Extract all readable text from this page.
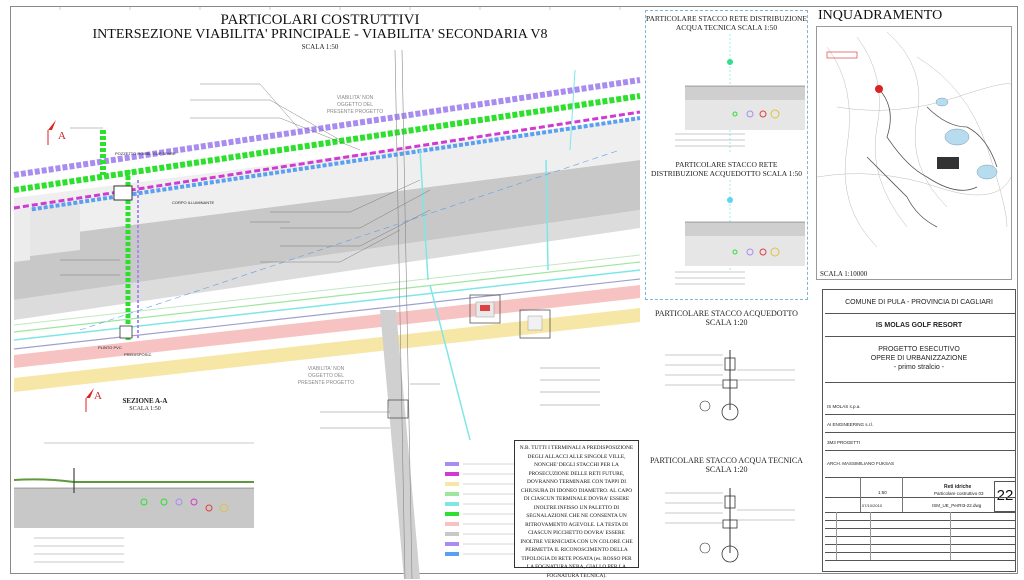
PARTICOLARI COSTRUTTIVI
INTERSEZIONE VIABILITA' PRINCIPALE - VIABILITA' SECONDARIA V8
SCALA 1:50
VIABILITA' NON
OGGETTO DEL
PRESENTE PROGETTO
VIABILITA' NON
OGGETTO DEL
PRESENTE PROGETTO
POZZETTO ROMBI, GUP SPARE
CORPO ILLUMINANTE
PLINTO PVC
PREDISPOSIZ.
A
A	SEZIONE A-A
SCALA 1:50
N.B. TUTTI I TERMINALI A PREDISPOSIZIONE DEGLI ALLACCI ALLE SINGOLE VILLE, NONCHE' DEGLI STACCHI PER LA PROSECUZIONE DELLE RETI FUTURE, DOVRANNO TERMINARE CON TAPPI DI CHIUSURA DI IDONEO DIAMETRO. AL CAPO DI CIASCUN TERMINALE DOVRA' ESSERE INOLTRE INFISSO UN PALETTO DI SEGNALAZIONE CHE NE CONSENTA UN RITROVAMENTO AGEVOLE. LA TESTA DI CIASCUN PICCHETTO DOVRA' ESSERE INOLTRE VERNICIATA CON UN COLORE CHE PERMETTA IL RICONOSCIMENTO DELLA TIPOLOGIA DI RETE POSATA (es. ROSSO PER LA FOGNATURA NERA, GIALLO PER LA FOGNATURA TECNICA).
PARTICOLARE STACCO RETE DISTRIBUZIONE
ACQUA TECNICA SCALA 1:50
PARTICOLARE STACCO RETE
DISTRIBUZIONE ACQUEDOTTO SCALA 1:50
PARTICOLARE STACCO ACQUEDOTTO
SCALA 1:20
PARTICOLARE STACCO ACQUA TECNICA
SCALA 1:20
INQUADRAMENTO
SCALA 1:10000
COMUNE DI PULA - PROVINCIA DI CAGLIARI
IS MOLAS GOLF RESORT
PROGETTO ESECUTIVO
OPERE DI URBANIZZAZIONE
- primo stralcio -
IS MOLAS s.p.a.
AI ENGINEERING s.r.l.
3M3 PROGETTI
ARCH. MASSIMILIANO FUKSAS
Reti idriche
Particolare costruttivo 03
1:50
07/10/2010	ISM_UE_PerRI3-22.dwg
22
